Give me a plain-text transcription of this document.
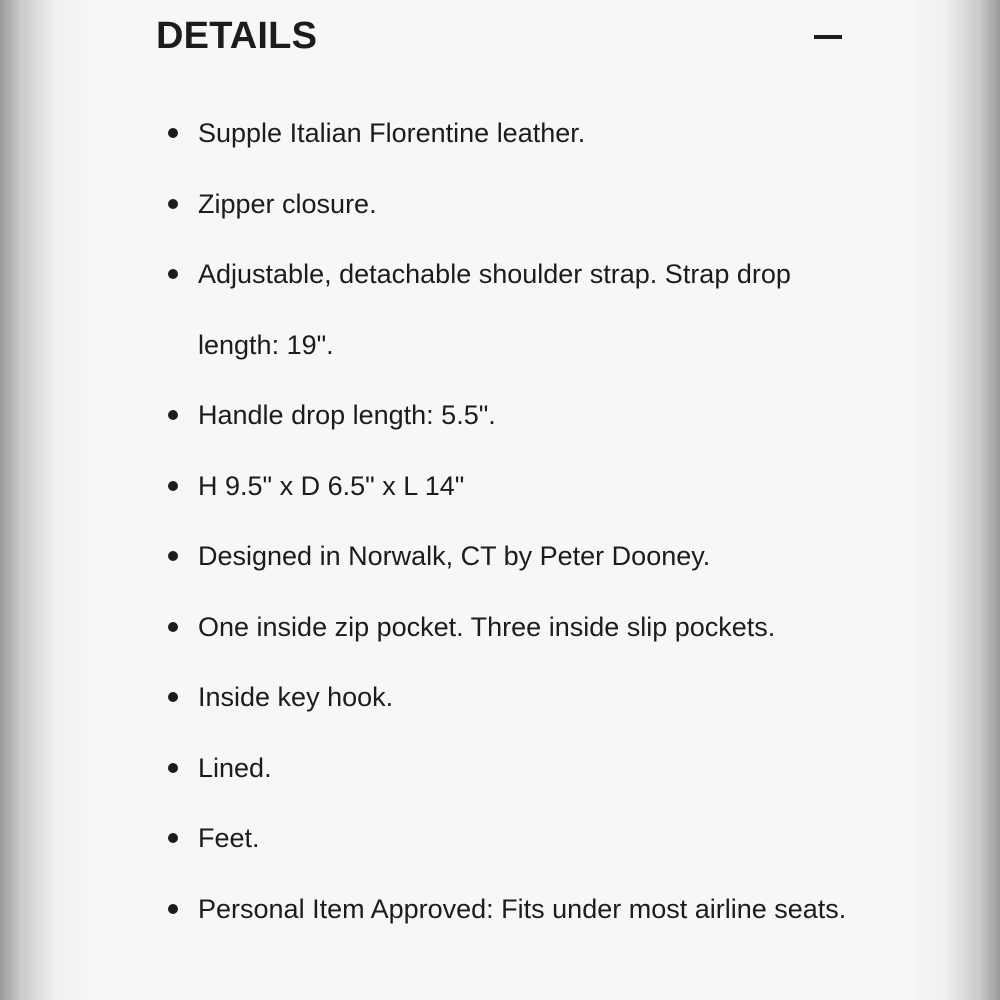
DETAILS
Supple Italian Florentine leather.
Zipper closure.
Adjustable, detachable shoulder strap. Strap drop length: 19".
Handle drop length: 5.5".
H 9.5" x D 6.5" x L 14"
Designed in Norwalk, CT by Peter Dooney.
One inside zip pocket. Three inside slip pockets.
Inside key hook.
Lined.
Feet.
Personal Item Approved: Fits under most airline seats.
